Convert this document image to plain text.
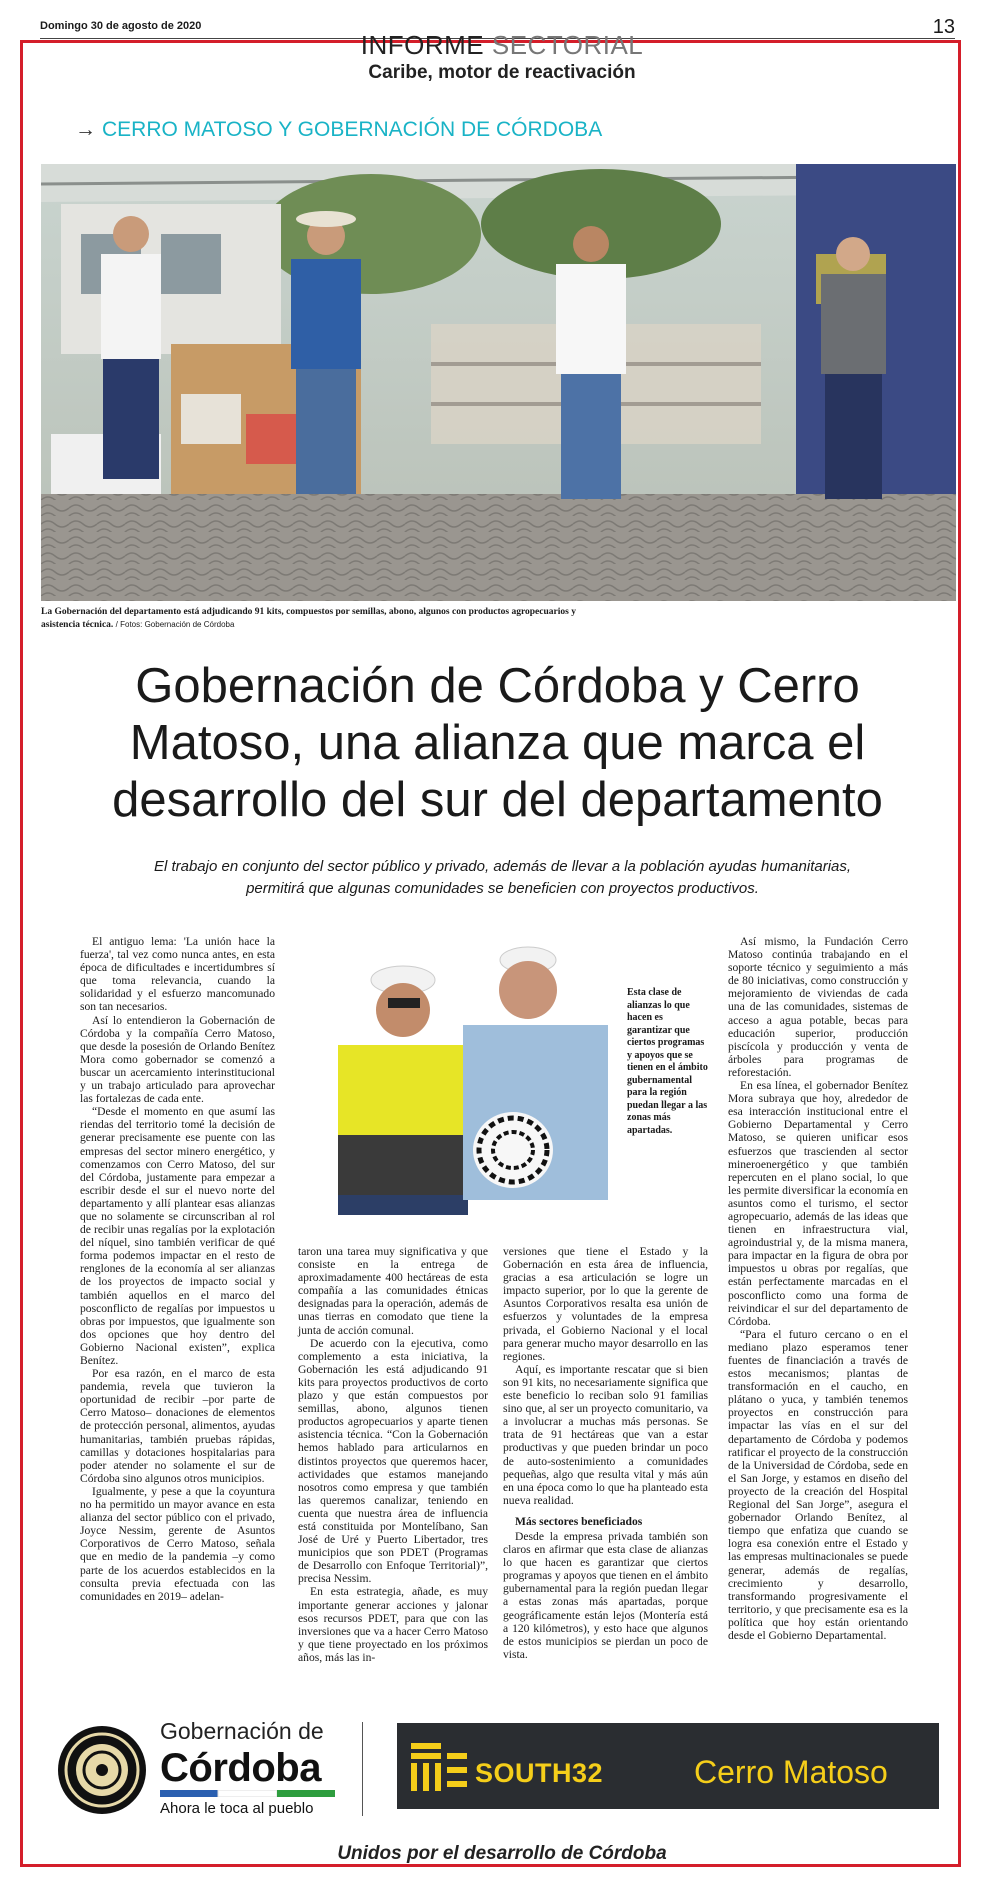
Domingo 30 de agosto de 2020	13
INFORME SECTORIAL
Caribe, motor de reactivación
→ CERRO MATOSO Y GOBERNACIÓN DE CÓRDOBA
La Gobernación del departamento está adjudicando 91 kits, compuestos por semillas, abono, algunos con productos agropecuarios y asistencia técnica. / Fotos: Gobernación de Córdoba
Gobernación de Córdoba y Cerro
Matoso, una alianza que marca el
desarrollo del sur del departamento
El trabajo en conjunto del sector público y privado, además de llevar a la población ayudas humanitarias,
permitirá que algunas comunidades se beneficien con proyectos productivos.

El antiguo lema: 'La unión hace la fuerza', tal vez como nunca antes, en esta época de dificultades e incertidumbres sí que toma relevancia, cuando la solidaridad y el esfuerzo mancomunado son tan necesarios.

Así lo entendieron la Gobernación de Córdoba y la compañía Cerro Matoso, que desde la posesión de Orlando Benítez Mora como gobernador se comenzó a buscar un acercamiento interinstitucional y un trabajo articulado para aprovechar las fortalezas de cada ente.

“Desde el momento en que asumí las riendas del territorio tomé la decisión de generar precisamente ese puente con las empresas del sector minero energético, y comenzamos con Cerro Matoso, del sur del Córdoba, justamente para empezar a escribir desde el sur el nuevo norte del departamento y allí plantear esas alianzas que no solamente se circunscriban al rol de recibir unas regalías por la explotación del níquel, sino también verificar de qué forma podemos impactar en el resto de renglones de la economía al ser alianzas de los proyectos de impacto social y también aquellos en el marco del posconflicto de regalías por impuestos u obras por impuestos, que igualmente son dos opciones que hoy dentro del Gobierno Nacional existen”, explica Benítez.

Por esa razón, en el marco de esta pandemia, revela que tuvieron la oportunidad de recibir –por parte de Cerro Matoso– donaciones de elementos de protección personal, alimentos, ayudas humanitarias, también pruebas rápidas, camillas y dotaciones hospitalarias para poder atender no solamente el sur de Córdoba sino algunos otros municipios.

Igualmente, y pese a que la coyuntura no ha permitido un mayor avance en esta alianza del sector público con el privado, Joyce Nessim, gerente de Asuntos Corporativos de Cerro Matoso, señala que en medio de la pandemia –y como parte de los acuerdos establecidos en la consulta previa efectuada con las comunidades en 2019– adelan-

Esta clase de alianzas lo que hacen es garantizar que ciertos programas y apoyos que se tienen en el ámbito gubernamental para la región puedan llegar a las zonas más apartadas.

taron una tarea muy significativa y que consiste en la entrega de aproximadamente 400 hectáreas de esta compañía a las comunidades étnicas designadas para la operación, además de unas tierras en comodato que tiene la junta de acción comunal.

De acuerdo con la ejecutiva, como complemento a esta iniciativa, la Gobernación les está adjudicando 91 kits para proyectos productivos de corto plazo y que están compuestos por semillas, abono, algunos tienen productos agropecuarios y aparte tienen asistencia técnica. “Con la Gobernación hemos hablado para articularnos en distintos proyectos que queremos hacer, actividades que estamos manejando nosotros como empresa y que también las queremos canalizar, teniendo en cuenta que nuestra área de influencia está constituida por Montelíbano, San José de Uré y Puerto Libertador, tres municipios que son PDET (Programas de Desarrollo con Enfoque Territorial)”, precisa Nessim.

En esta estrategia, añade, es muy importante generar acciones y jalonar esos recursos PDET, para que con las inversiones que va a hacer Cerro Matoso y que tiene proyectado en los próximos años, más las in-

versiones que tiene el Estado y la Gobernación en esta área de influencia, gracias a esa articulación se logre un impacto superior, por lo que la gerente de Asuntos Corporativos resalta esa unión de esfuerzos y voluntades de la empresa privada, el Gobierno Nacional y el local para generar mucho mayor desarrollo en las regiones.

Aquí, es importante rescatar que si bien son 91 kits, no necesariamente significa que este beneficio lo reciban solo 91 familias sino que, al ser un proyecto comunitario, va a involucrar a muchas más personas. Se trata de 91 hectáreas que van a estar productivas y que pueden brindar un poco de auto-sostenimiento a comunidades pequeñas, algo que resulta vital y más aún en una época como lo que ha planteado esta nueva realidad.

Más sectores beneficiados

Desde la empresa privada también son claros en afirmar que esta clase de alianzas lo que hacen es garantizar que ciertos programas y apoyos que tienen en el ámbito gubernamental para la región puedan llegar a estas zonas más apartadas, porque geográficamente están lejos (Montería está a 120 kilómetros), y esto hace que algunos de estos municipios se pierdan un poco de vista.

Así mismo, la Fundación Cerro Matoso continúa trabajando en el soporte técnico y seguimiento a más de 80 iniciativas, como construcción y mejoramiento de viviendas de cada una de las comunidades, sistemas de acceso a agua potable, becas para educación superior, producción piscícola y producción y venta de árboles para programas de reforestación.

En esa línea, el gobernador Benítez Mora subraya que hoy, alrededor de esa interacción institucional entre el Gobierno Departamental y Cerro Matoso, se quieren unificar esos esfuerzos que trascienden al sector mineroenergético y que también repercuten en el plano social, lo que les permite diversificar la economía en asuntos como el turismo, el sector agropecuario, además de las ideas que tienen en infraestructura vial, agroindustrial y, de la misma manera, para impactar en la figura de obra por impuestos u obras por regalías, que están perfectamente marcadas en el posconflicto como una forma de reivindicar el sur del departamento de Córdoba.

“Para el futuro cercano o en el mediano plazo esperamos tener fuentes de financiación a través de estos mecanismos; plantas de transformación en el caucho, en plátano o yuca, y también tenemos proyectos en construcción para impactar las vías en el sur del departamento de Córdoba y podemos ratificar el proyecto de la construcción de la Universidad de Córdoba, sede en el San Jorge, y estamos en diseño del proyecto de la creación del Hospital Regional del San Jorge”, asegura el gobernador Orlando Benítez, al tiempo que enfatiza que cuando se logra esa conexión entre el Estado y las empresas multinacionales se puede generar, además de regalías, crecimiento y desarrollo, transformando progresivamente el territorio, y que precisamente esa es la política que hoy están orientando desde el Gobierno Departamental.

Gobernación de
Córdoba
Ahora le toca al pueblo
SOUTH32	Cerro Matoso
Unidos por el desarrollo de Córdoba
